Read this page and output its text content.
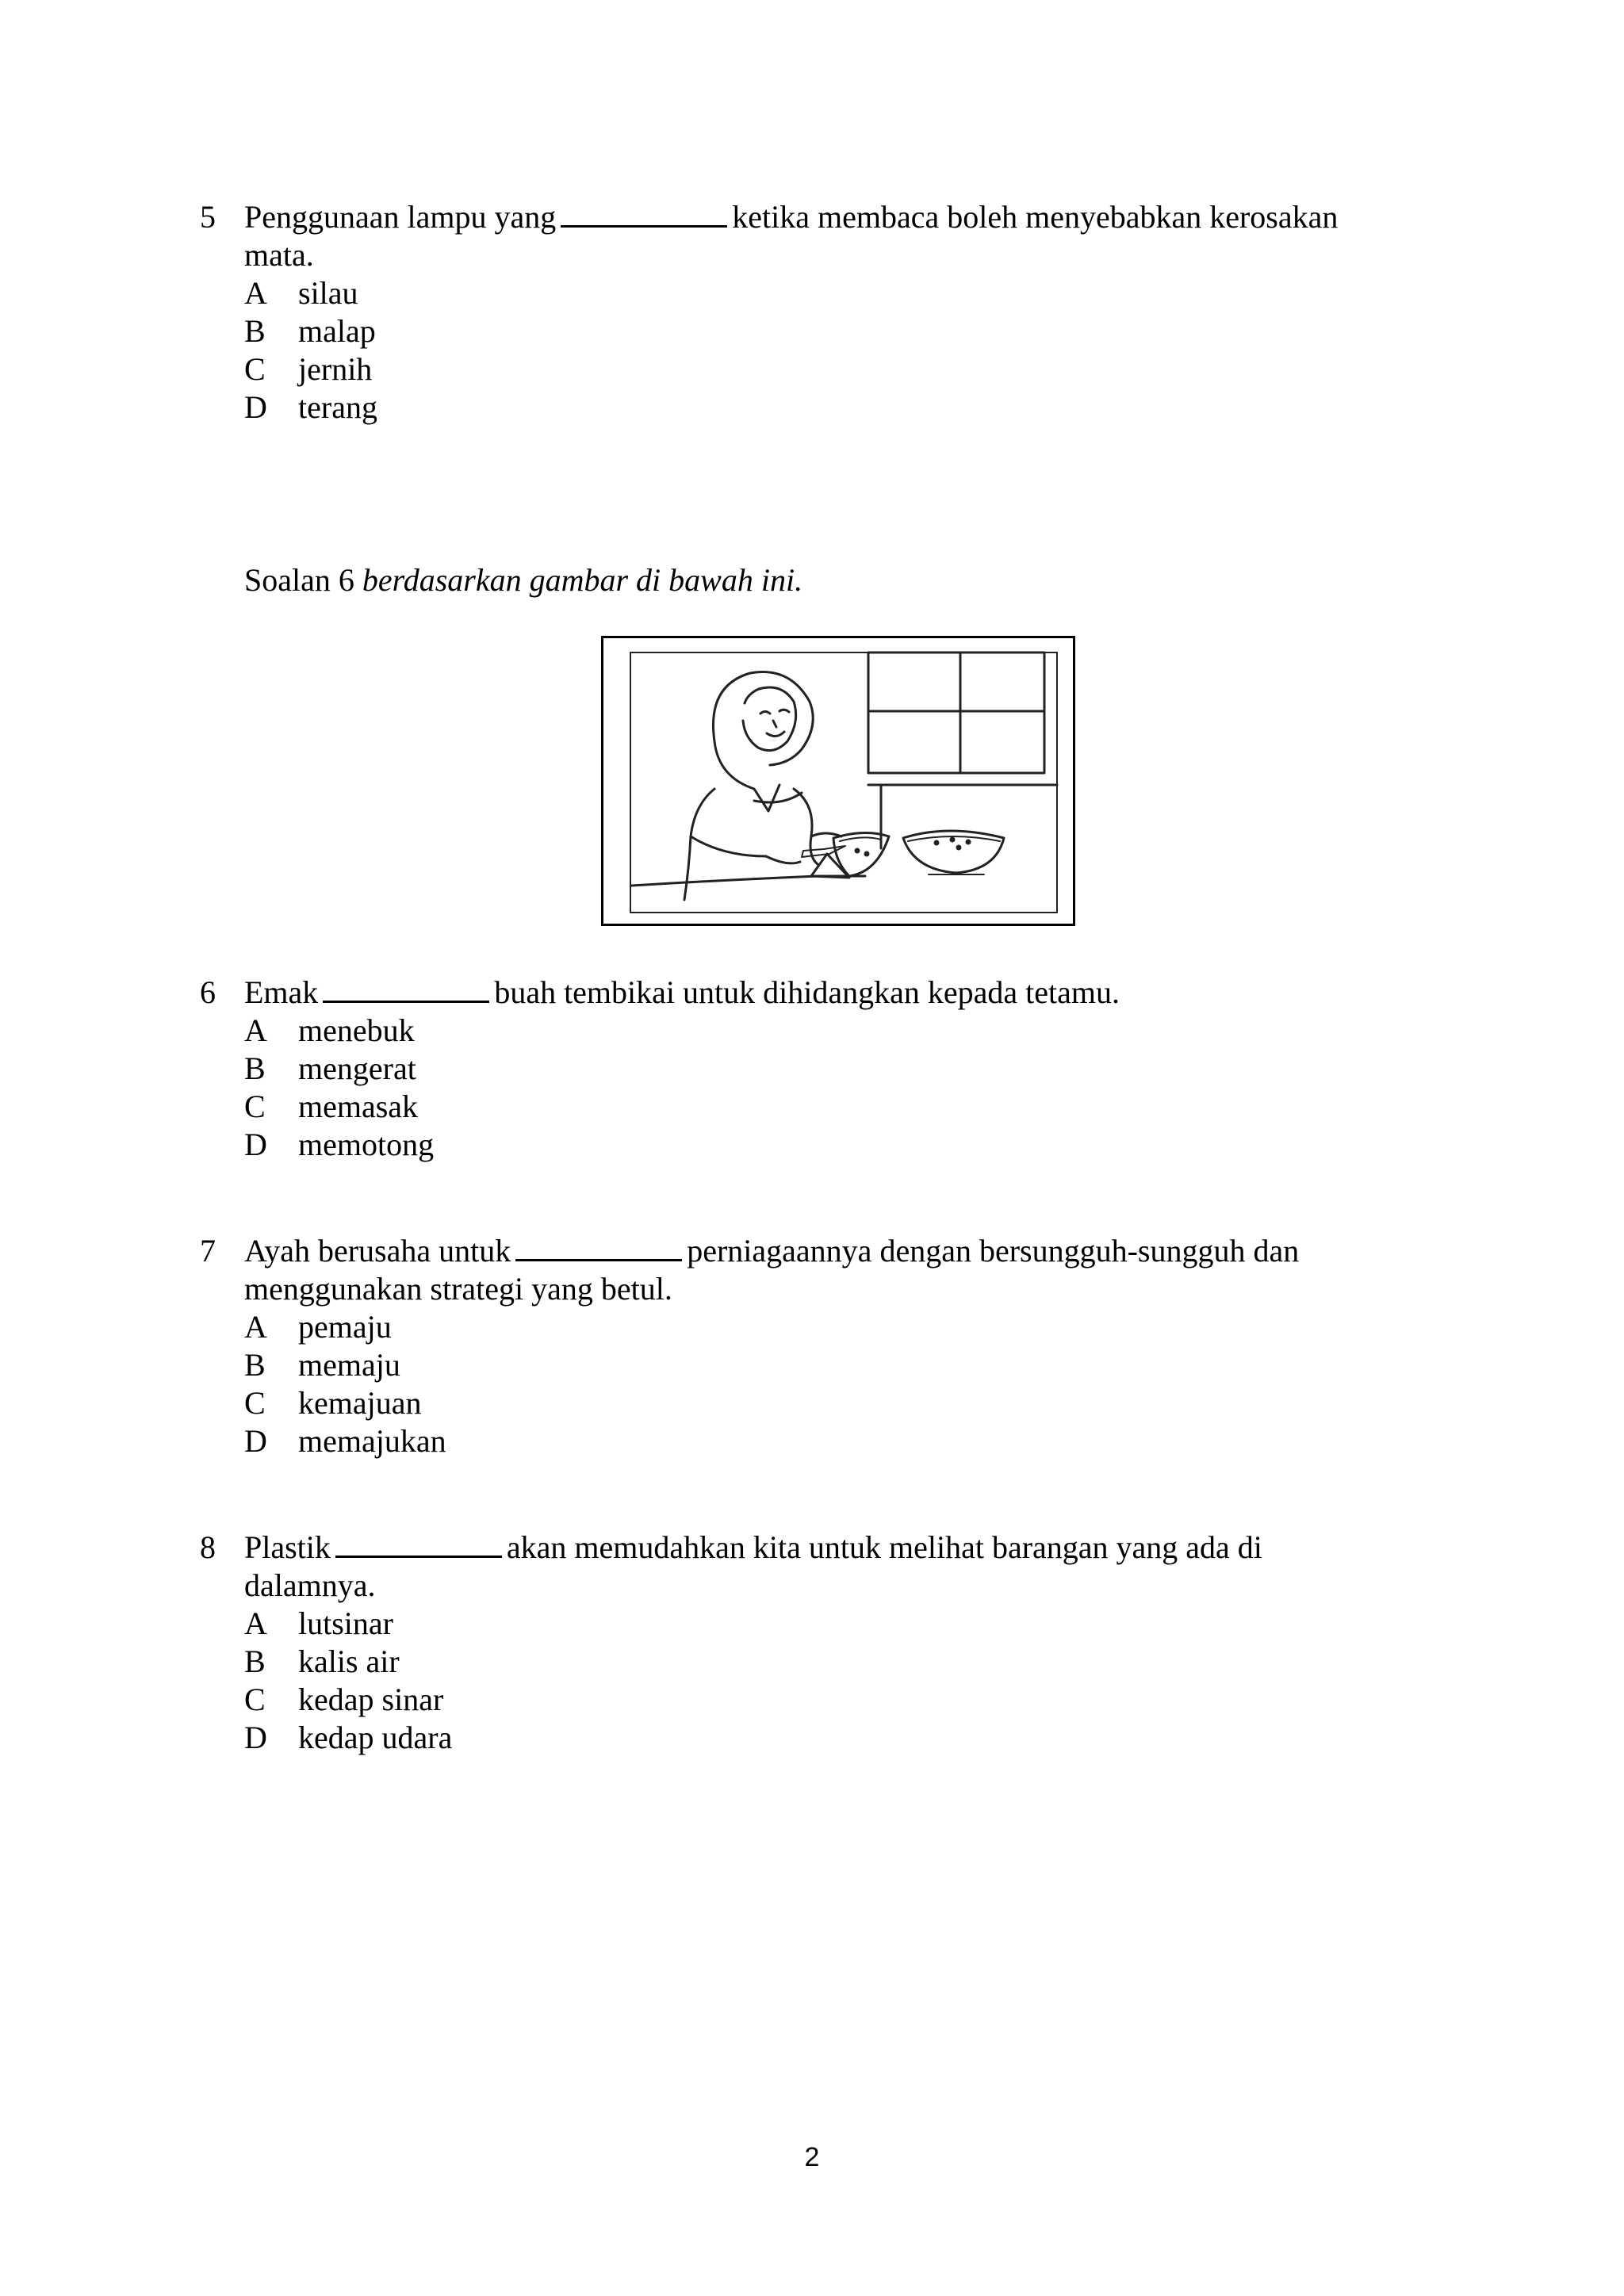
5 Penggunaan lampu yang	ketika membaca boleh menyebabkan kerosakan
mata.
A silau
B malap
C jernih
D terang
Soalan 6 berdasarkan gambar di bawah ini.
6 Emak	buah tembikai untuk dihidangkan kepada tetamu.
A menebuk
B mengerat
C memasak
D memotong
7 Ayah berusaha untuk	perniagaannya dengan bersungguh-sungguh dan
menggunakan strategi yang betul.
A pemaju
B memaju
C kemajuan
D memajukan
8 Plastik	akan memudahkan kita untuk melihat barangan yang ada di
dalamnya.
A lutsinar
B kalis air
C kedap sinar
D kedap udara
2
